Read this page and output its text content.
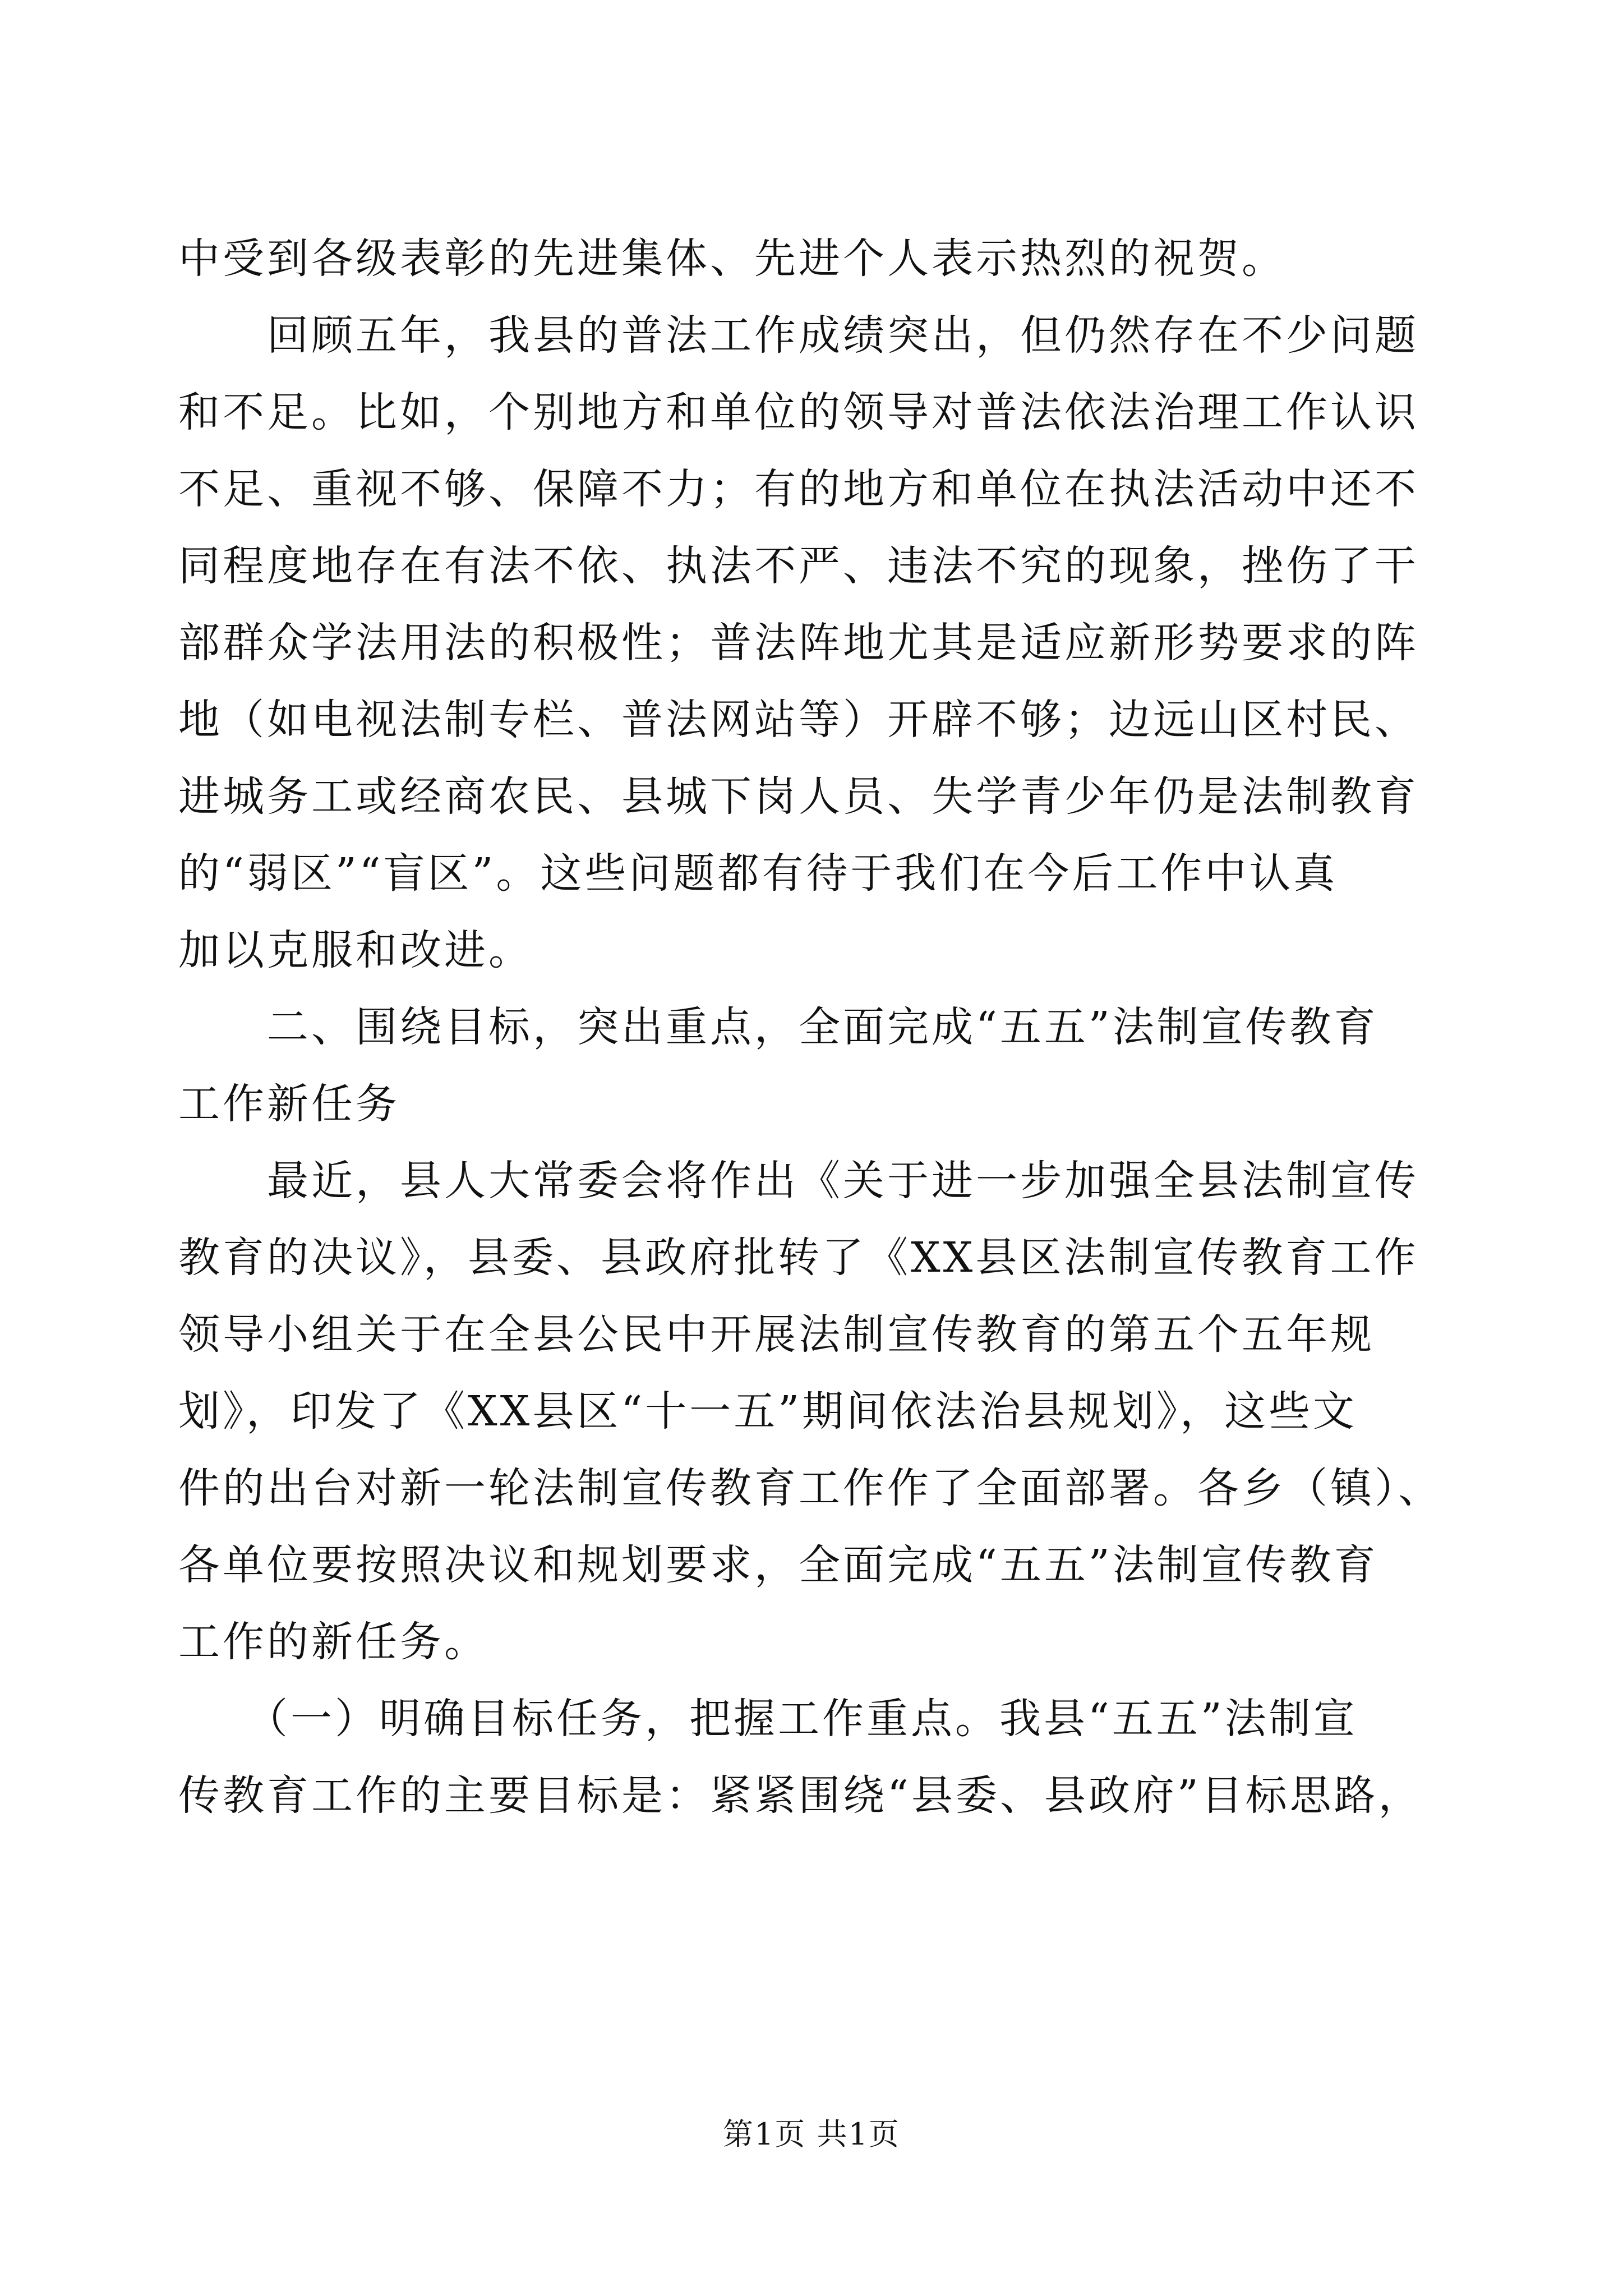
中受到各级表彰的先进集体、先进个人表示热烈的祝贺。
　　回顾五年，我县的普法工作成绩突出，但仍然存在不少问题
和不足。比如，个别地方和单位的领导对普法依法治理工作认识
不足、重视不够、保障不力；有的地方和单位在执法活动中还不
同程度地存在有法不依、执法不严、违法不究的现象，挫伤了干
部群众学法用法的积极性；普法阵地尤其是适应新形势要求的阵
地（如电视法制专栏、普法网站等）开辟不够；边远山区村民、
进城务工或经商农民、县城下岗人员、失学青少年仍是法制教育
的“弱区”“盲区”。这些问题都有待于我们在今后工作中认真
加以克服和改进。
　　二、围绕目标，突出重点，全面完成“五五”法制宣传教育
工作新任务
　　最近，县人大常委会将作出《关于进一步加强全县法制宣传
教育的决议》，县委、县政府批转了《XX县区法制宣传教育工作
领导小组关于在全县公民中开展法制宣传教育的第五个五年规
划》，印发了《XX县区“十一五”期间依法治县规划》，这些文
件的出台对新一轮法制宣传教育工作作了全面部署。各乡（镇）、
各单位要按照决议和规划要求，全面完成“五五”法制宣传教育
工作的新任务。
　　（一）明确目标任务，把握工作重点。我县“五五”法制宣
传教育工作的主要目标是：紧紧围绕“县委、县政府”目标思路，
第1页 共1页
